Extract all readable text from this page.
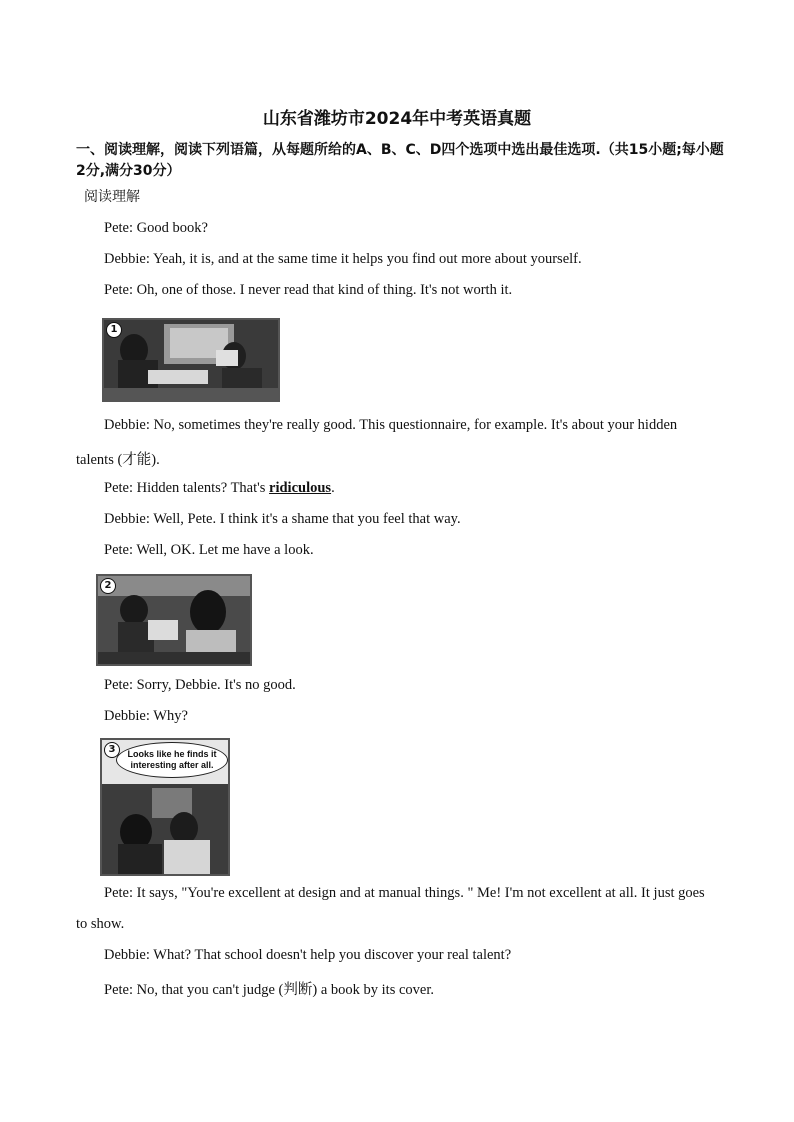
山东省潍坊市2024年中考英语真题
一、阅读理解，阅读下列语篇，从每题所给的A、B、C、D四个选项中选出最佳选项.（共15小题;每小题2分,满分30分）
阅读理解
Pete: Good book?
Debbie: Yeah, it is, and at the same time it helps you find out more about yourself.
Pete: Oh, one of those. I never read that kind of thing. It's not worth it.
1
Debbie: No, sometimes they're really good. This questionnaire, for example. It's about your hidden
talents (才能).
Pete: Hidden talents? That's ridiculous.
Debbie: Well, Pete. I think it's a shame that you feel that way.
Pete: Well, OK. Let me have a look.
2
Pete: Sorry, Debbie. It's no good.
Debbie: Why?
Looks like he finds it interesting after all.
3
Pete: It says, "You're excellent at design and at manual things. " Me! I'm not excellent at all. It just goes
to show.
Debbie: What? That school doesn't help you discover your real talent?
Pete: No, that you can't judge (判断) a book by its cover.
